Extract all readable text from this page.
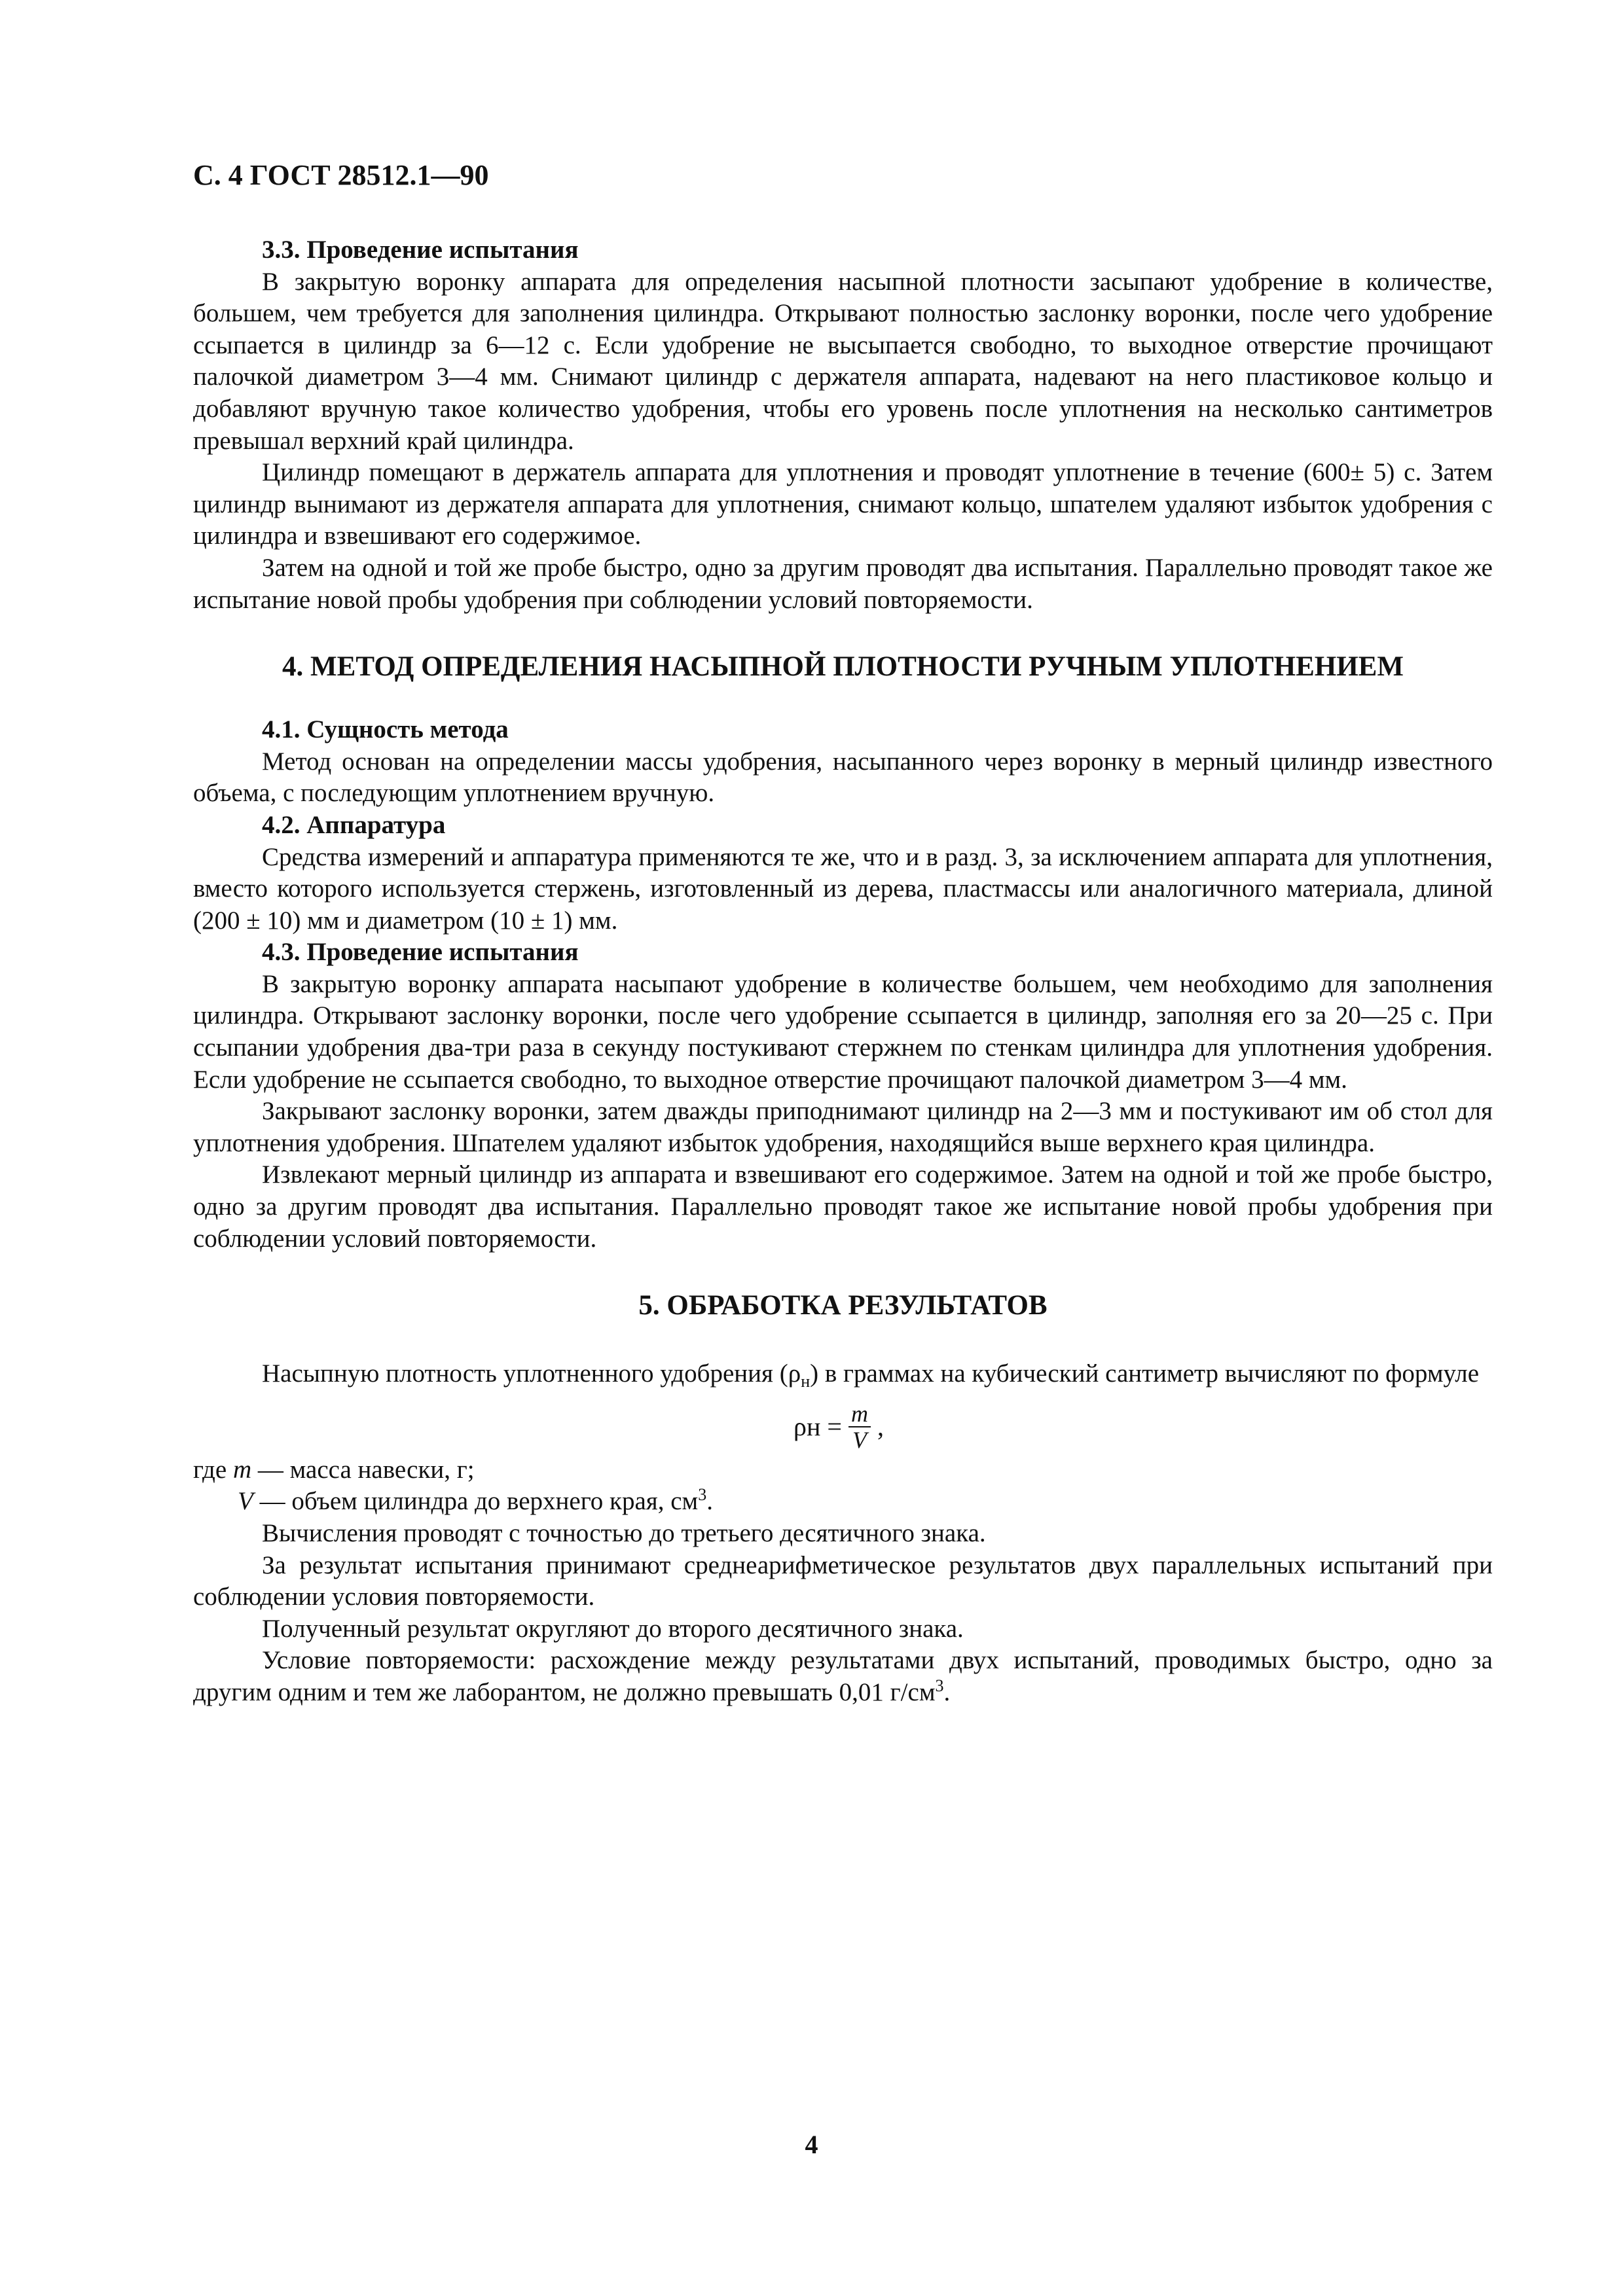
С. 4 ГОСТ 28512.1—90

3.3. Проведение испытания

В закрытую воронку аппарата для определения насыпной плотности засыпают удобрение в количестве, большем, чем требуется для заполнения цилиндра. Открывают полностью заслонку воронки, после чего удобрение ссыпается в цилиндр за 6—12 с. Если удобрение не высыпается свободно, то выходное отверстие прочищают палочкой диаметром 3—4 мм. Снимают цилиндр с держателя аппарата, надевают на него пластиковое кольцо и добавляют вручную такое количество удобрения, чтобы его уровень после уплотнения на несколько сантиметров превышал верхний край цилиндра.

Цилиндр помещают в держатель аппарата для уплотнения и проводят уплотнение в течение (600± 5) с. Затем цилиндр вынимают из держателя аппарата для уплотнения, снимают кольцо, шпателем удаляют избыток удобрения с цилиндра и взвешивают его содержимое.

Затем на одной и той же пробе быстро, одно за другим проводят два испытания. Параллельно проводят такое же испытание новой пробы удобрения при соблюдении условий повторяемости.

4. МЕТОД ОПРЕДЕЛЕНИЯ НАСЫПНОЙ ПЛОТНОСТИ РУЧНЫМ УПЛОТНЕНИЕМ

4.1. Сущность метода

Метод основан на определении массы удобрения, насыпанного через воронку в мерный цилиндр известного объема, с последующим уплотнением вручную.

4.2. Аппаратура

Средства измерений и аппаратура применяются те же, что и в разд. 3, за исключением аппарата для уплотнения, вместо которого используется стержень, изготовленный из дерева, пластмассы или аналогичного материала, длиной (200 ± 10) мм и диаметром (10 ± 1) мм.

4.3. Проведение испытания

В закрытую воронку аппарата насыпают удобрение в количестве большем, чем необходимо для заполнения цилиндра. Открывают заслонку воронки, после чего удобрение ссыпается в цилиндр, заполняя его за 20—25 с. При ссыпании удобрения два-три раза в секунду постукивают стержнем по стенкам цилиндра для уплотнения удобрения. Если удобрение не ссыпается свободно, то выходное отверстие прочищают палочкой диаметром 3—4 мм.

Закрывают заслонку воронки, затем дважды приподнимают цилиндр на 2—3 мм и постукивают им об стол для уплотнения удобрения. Шпателем удаляют избыток удобрения, находящийся выше верхнего края цилиндра.

Извлекают мерный цилиндр из аппарата и взвешивают его содержимое. Затем на одной и той же пробе быстро, одно за другим проводят два испытания. Параллельно проводят такое же испытание новой пробы удобрения при соблюдении условий повторяемости.

5. ОБРАБОТКА РЕЗУЛЬТАТОВ

Насыпную плотность уплотненного удобрения $(\rho_н)$ в граммах на кубический сантиметр вычисляют по формуле

$\rho н = \frac{m}{V}$ ,

где m — масса навески, г;

V — объем цилиндра до верхнего края, $см^3$.

Вычисления проводят с точностью до третьего десятичного знака.

За результат испытания принимают среднеарифметическое результатов двух параллельных испытаний при соблюдении условия повторяемости.

Полученный результат округляют до второго десятичного знака.

Условие повторяемости: расхождение между результатами двух испытаний, проводимых быстро, одно за другим одним и тем же лаборантом, не должно превышать 0,01 $г/см^3$.

4
